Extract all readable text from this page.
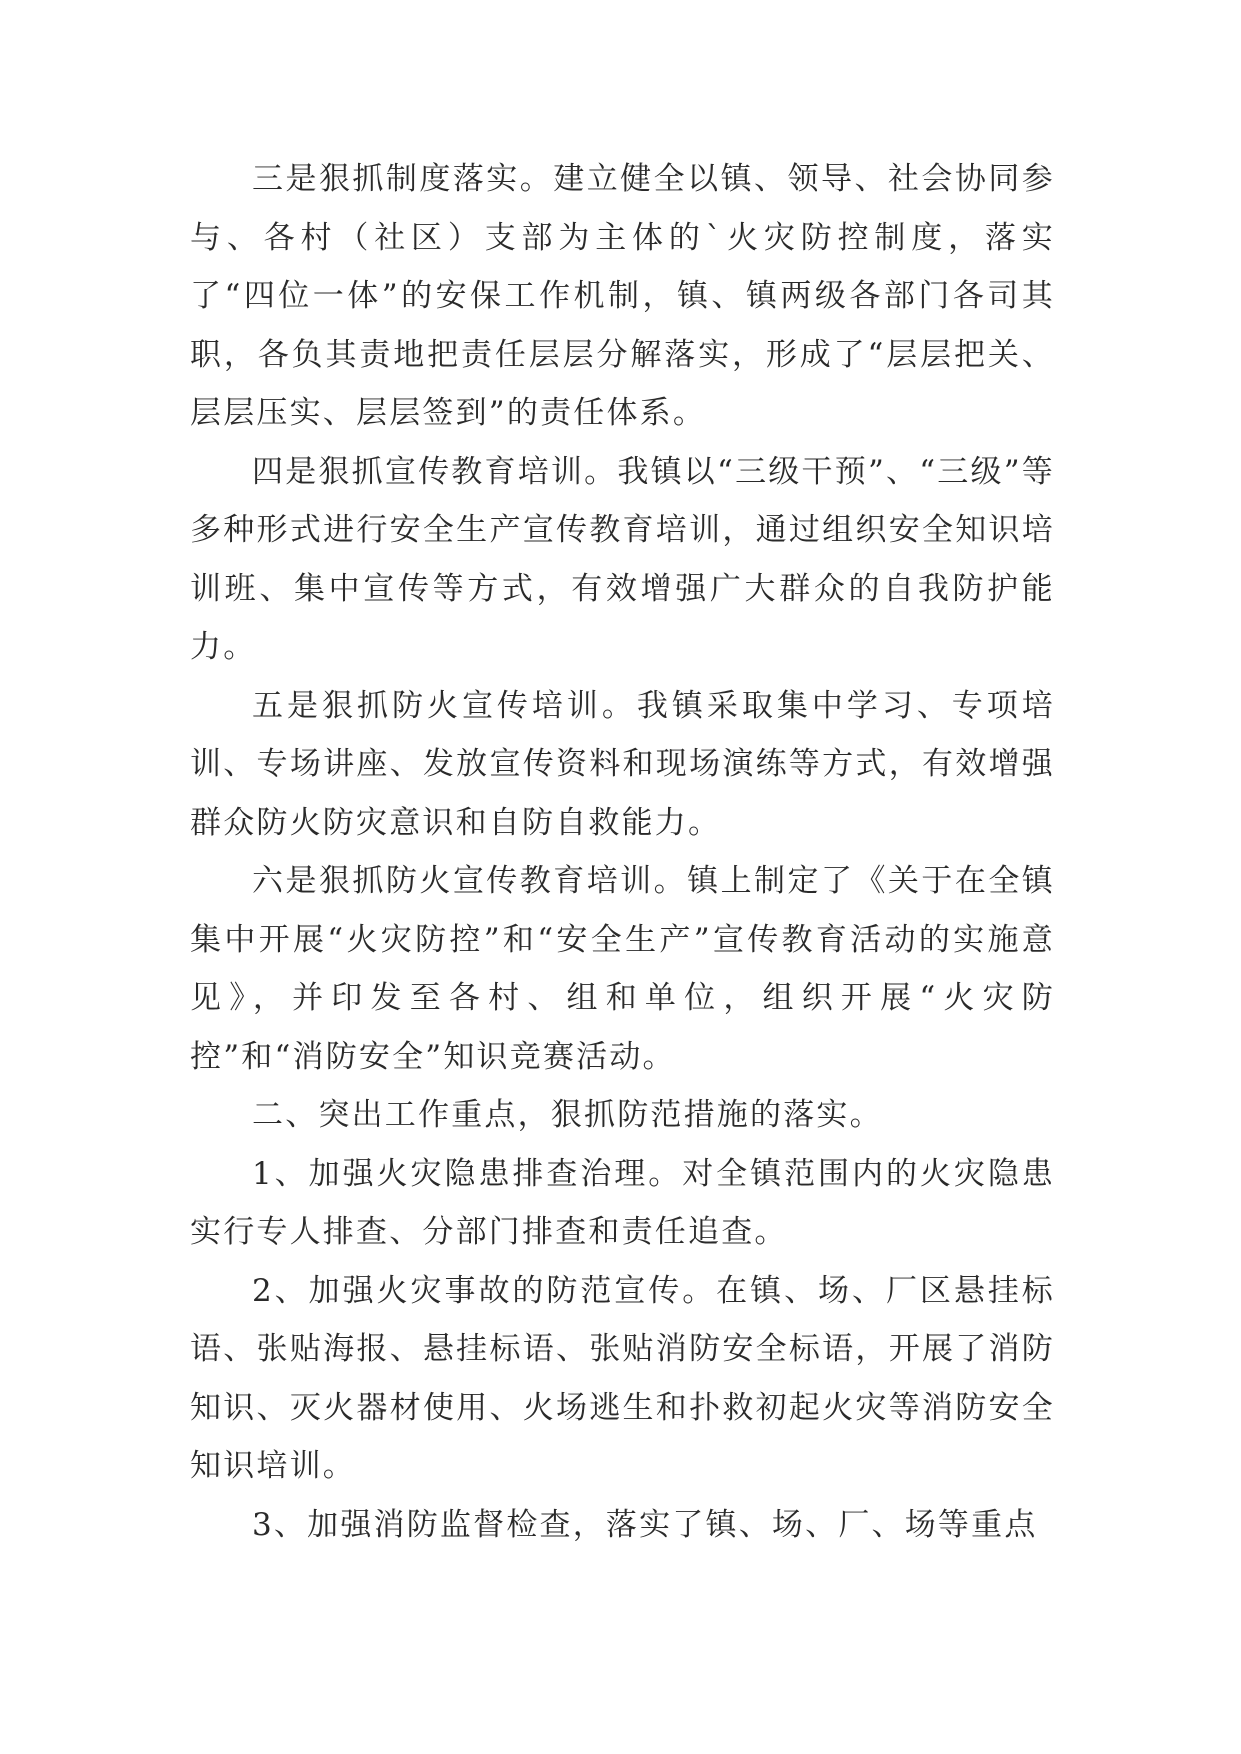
三是狠抓制度落实。建立健全以镇、领导、社会协同参与、各村（社区）支部为主体的`火灾防控制度，落实了“四位一体”的安保工作机制，镇、镇两级各部门各司其职，各负其责地把责任层层分解落实，形成了“层层把关、层层压实、层层签到”的责任体系。

四是狠抓宣传教育培训。我镇以“三级干预”、“三级”等多种形式进行安全生产宣传教育培训，通过组织安全知识培训班、集中宣传等方式，有效增强广大群众的自我防护能力。

五是狠抓防火宣传培训。我镇采取集中学习、专项培训、专场讲座、发放宣传资料和现场演练等方式，有效增强群众防火防灾意识和自防自救能力。

六是狠抓防火宣传教育培训。镇上制定了《关于在全镇集中开展“火灾防控”和“安全生产”宣传教育活动的实施意见》，并印发至各村、组和单位，组织开展“火灾防控”和“消防安全”知识竞赛活动。

二、突出工作重点，狠抓防范措施的落实。

1、加强火灾隐患排查治理。对全镇范围内的火灾隐患实行专人排查、分部门排查和责任追查。

2、加强火灾事故的防范宣传。在镇、场、厂区悬挂标语、张贴海报、悬挂标语、张贴消防安全标语，开展了消防知识、灭火器材使用、火场逃生和扑救初起火灾等消防安全知识培训。

3、加强消防监督检查，落实了镇、场、厂、场等重点
